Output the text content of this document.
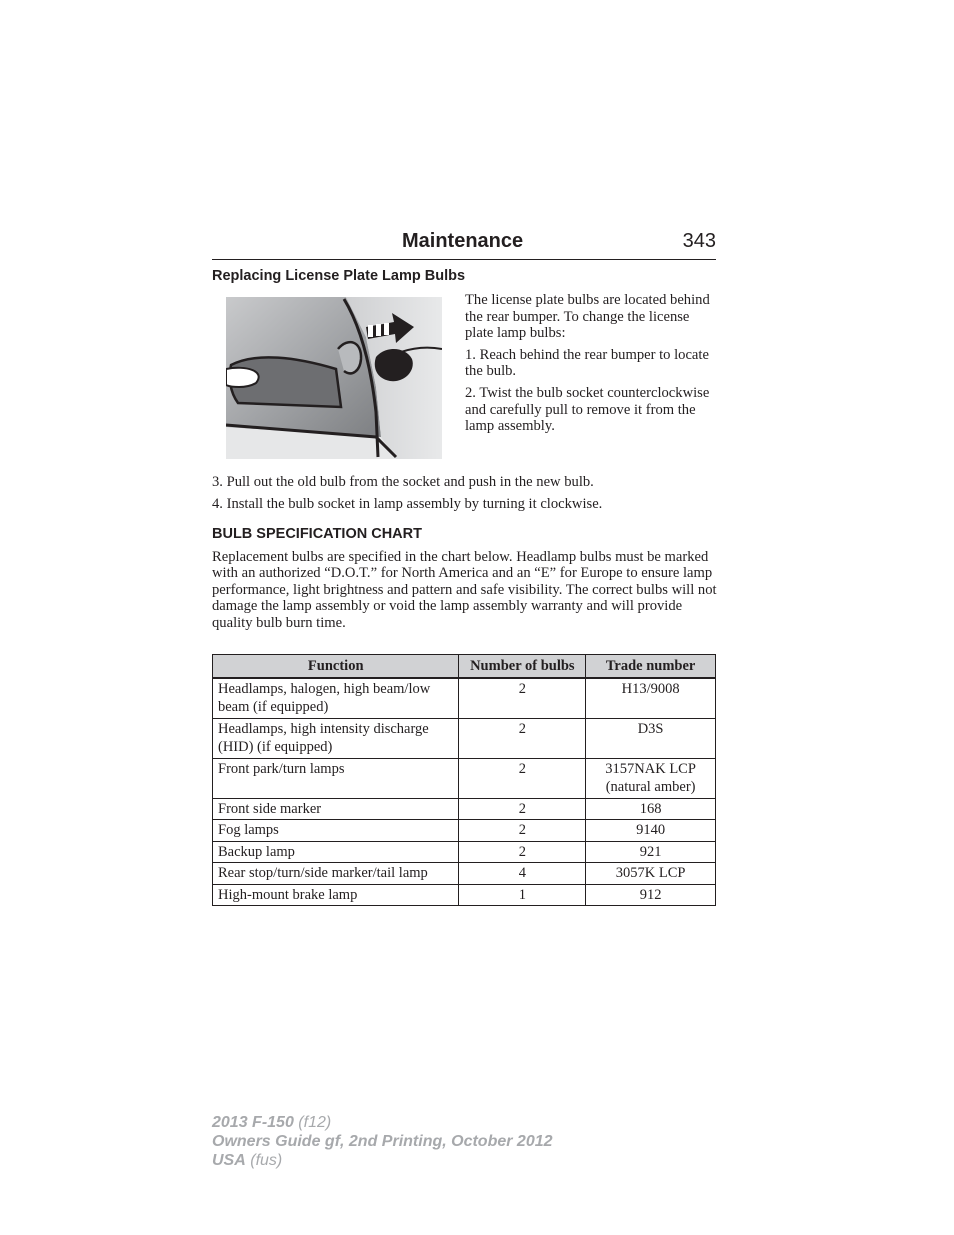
Maintenance	343
Replacing License Plate Lamp Bulbs

The license plate bulbs are located behind the rear bumper. To change the license plate lamp bulbs:

1. Reach behind the rear bumper to locate the bulb.

2. Twist the bulb socket counterclockwise and carefully pull to remove it from the lamp assembly.

3. Pull out the old bulb from the socket and push in the new bulb.
4. Install the bulb socket in lamp assembly by turning it clockwise.
BULB SPECIFICATION CHART
Replacement bulbs are specified in the chart below. Headlamp bulbs must be marked with an authorized “D.O.T.” for North America and an “E” for Europe to ensure lamp performance, light brightness and pattern and safe visibility. The correct bulbs will not damage the lamp assembly or void the lamp assembly warranty and will provide quality bulb burn time.
Function	Number of bulbs	Trade number
Headlamps, halogen, high beam/low beam (if equipped)	2	H13/9008
Headlamps, high intensity discharge (HID) (if equipped)	2	D3S
Front park/turn lamps	2	3157NAK LCP (natural amber)
Front side marker	2	168
Fog lamps	2	9140
Backup lamp	2	921
Rear stop/turn/side marker/tail lamp	4	3057K LCP
High-mount brake lamp	1	912
2013 F-150 (f12)
Owners Guide gf, 2nd Printing, October 2012
USA (fus)
